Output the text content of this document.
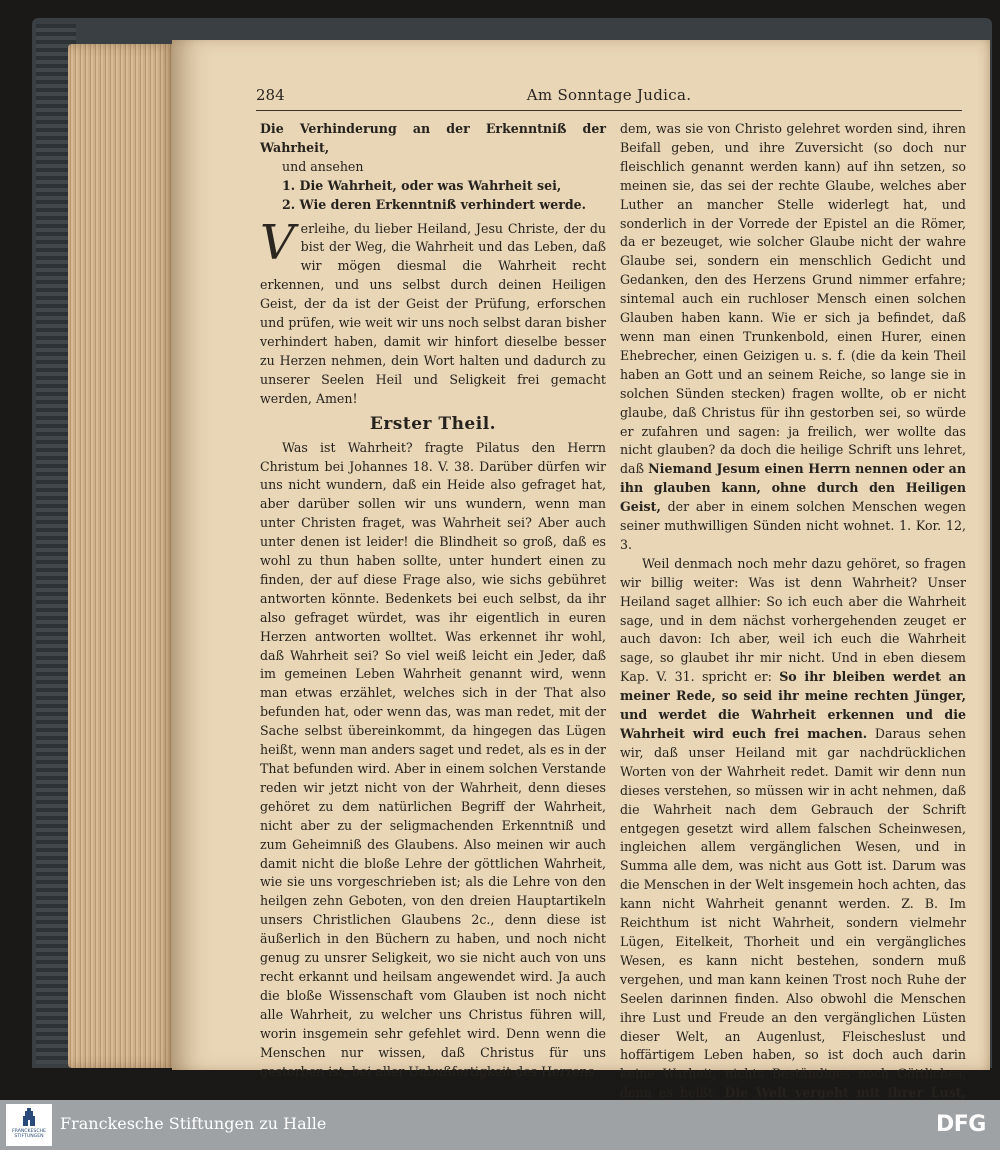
284	Am Sonntage Judica.

Die Verhinderung an der Erkenntniß der Wahrheit,

und ansehen

1. Die Wahrheit, oder was Wahrheit sei,

2. Wie deren Erkenntniß verhindert werde.

Verleihe, du lieber Heiland, Jesu Christe, der du bist der Weg, die Wahrheit und das Leben, daß wir mögen diesmal die Wahrheit recht erkennen, und uns selbst durch deinen Heiligen Geist, der da ist der Geist der Prüfung, erforschen und prüfen, wie weit wir uns noch selbst daran bisher verhindert haben, damit wir hinfort dieselbe besser zu Herzen nehmen, dein Wort halten und dadurch zu unserer Seelen Heil und Seligkeit frei gemacht werden, Amen!

Erster Theil.

Was ist Wahrheit? fragte Pilatus den Herrn Christum bei Johannes 18. V. 38. Darüber dürfen wir uns nicht wundern, daß ein Heide also gefraget hat, aber darüber sollen wir uns wundern, wenn man unter Christen fraget, was Wahrheit sei? Aber auch unter denen ist leider! die Blindheit so groß, daß es wohl zu thun haben sollte, unter hundert einen zu finden, der auf diese Frage also, wie sichs gebühret antworten könnte. Bedenkets bei euch selbst, da ihr also gefraget würdet, was ihr eigentlich in euren Herzen antworten wolltet. Was erkennet ihr wohl, daß Wahrheit sei? So viel weiß leicht ein Jeder, daß im gemeinen Leben Wahrheit genannt wird, wenn man etwas erzählet, welches sich in der That also befunden hat, oder wenn das, was man redet, mit der Sache selbst übereinkommt, da hingegen das Lügen heißt, wenn man anders saget und redet, als es in der That befunden wird. Aber in einem solchen Verstande reden wir jetzt nicht von der Wahrheit, denn dieses gehöret zu dem natürlichen Begriff der Wahrheit, nicht aber zu der seligmachenden Erkenntniß und zum Geheimniß des Glaubens. Also meinen wir auch damit nicht die bloße Lehre der göttlichen Wahrheit, wie sie uns vorgeschrieben ist; als die Lehre von den heilgen zehn Geboten, von den dreien Hauptartikeln unsers Christlichen Glaubens 2c., denn diese ist äußerlich in den Büchern zu haben, und noch nicht genug zu unsrer Seligkeit, wo sie nicht auch von uns recht erkannt und heilsam angewendet wird. Ja auch die bloße Wissenschaft vom Glauben ist noch nicht alle Wahrheit, zu welcher uns Christus führen will, worin insgemein sehr gefehlet wird. Denn wenn die Menschen nur wissen, daß Christus für uns gestorben ist, bei aller Unbußfertigkeit des Herzens

dem, was sie von Christo gelehret worden sind, ihren Beifall geben, und ihre Zuversicht (so doch nur fleischlich genannt werden kann) auf ihn setzen, so meinen sie, das sei der rechte Glaube, welches aber Luther an mancher Stelle widerlegt hat, und sonderlich in der Vorrede der Epistel an die Römer, da er bezeuget, wie solcher Glaube nicht der wahre Glaube sei, sondern ein menschlich Gedicht und Gedanken, den des Herzens Grund nimmer erfahre; sintemal auch ein ruchloser Mensch einen solchen Glauben haben kann. Wie er sich ja befindet, daß wenn man einen Trunkenbold, einen Hurer, einen Ehebrecher, einen Geizigen u. s. f. (die da kein Theil haben an Gott und an seinem Reiche, so lange sie in solchen Sünden stecken) fragen wollte, ob er nicht glaube, daß Christus für ihn gestorben sei, so würde er zufahren und sagen: ja freilich, wer wollte das nicht glauben? da doch die heilige Schrift uns lehret, daß Niemand Jesum einen Herrn nennen oder an ihn glauben kann, ohne durch den Heiligen Geist, der aber in einem solchen Menschen wegen seiner muthwilligen Sünden nicht wohnet. 1. Kor. 12, 3.

Weil denmach noch mehr dazu gehöret, so fragen wir billig weiter: Was ist denn Wahrheit? Unser Heiland saget allhier: So ich euch aber die Wahrheit sage, und in dem nächst vorhergehenden zeuget er auch davon: Ich aber, weil ich euch die Wahrheit sage, so glaubet ihr mir nicht. Und in eben diesem Kap. V. 31. spricht er: So ihr bleiben werdet an meiner Rede, so seid ihr meine rechten Jünger, und werdet die Wahrheit erkennen und die Wahrheit wird euch frei machen. Daraus sehen wir, daß unser Heiland mit gar nachdrücklichen Worten von der Wahrheit redet. Damit wir denn nun dieses verstehen, so müssen wir in acht nehmen, daß die Wahrheit nach dem Gebrauch der Schrift entgegen gesetzt wird allem falschen Scheinwesen, ingleichen allem vergänglichen Wesen, und in Summa alle dem, was nicht aus Gott ist. Darum was die Menschen in der Welt insgemein hoch achten, das kann nicht Wahrheit genannt werden. Z. B. Im Reichthum ist nicht Wahrheit, sondern vielmehr Lügen, Eitelkeit, Thorheit und ein vergängliches Wesen, es kann nicht bestehen, sondern muß vergehen, und man kann keinen Trost noch Ruhe der Seelen darinnen finden. Also obwohl die Menschen ihre Lust und Freude an den vergänglichen Lüsten dieser Welt, an Augenlust, Fleischeslust und hoffärtigem Leben haben, so ist doch auch darin keine Warheit, nichts Beständiges noch Göttliches, denn es heißt: Die Welt vergeht mit ihrer Lust,

FRANCKESCHE STIFTUNGEN
Franckesche Stiftungen zu Halle	DFG
